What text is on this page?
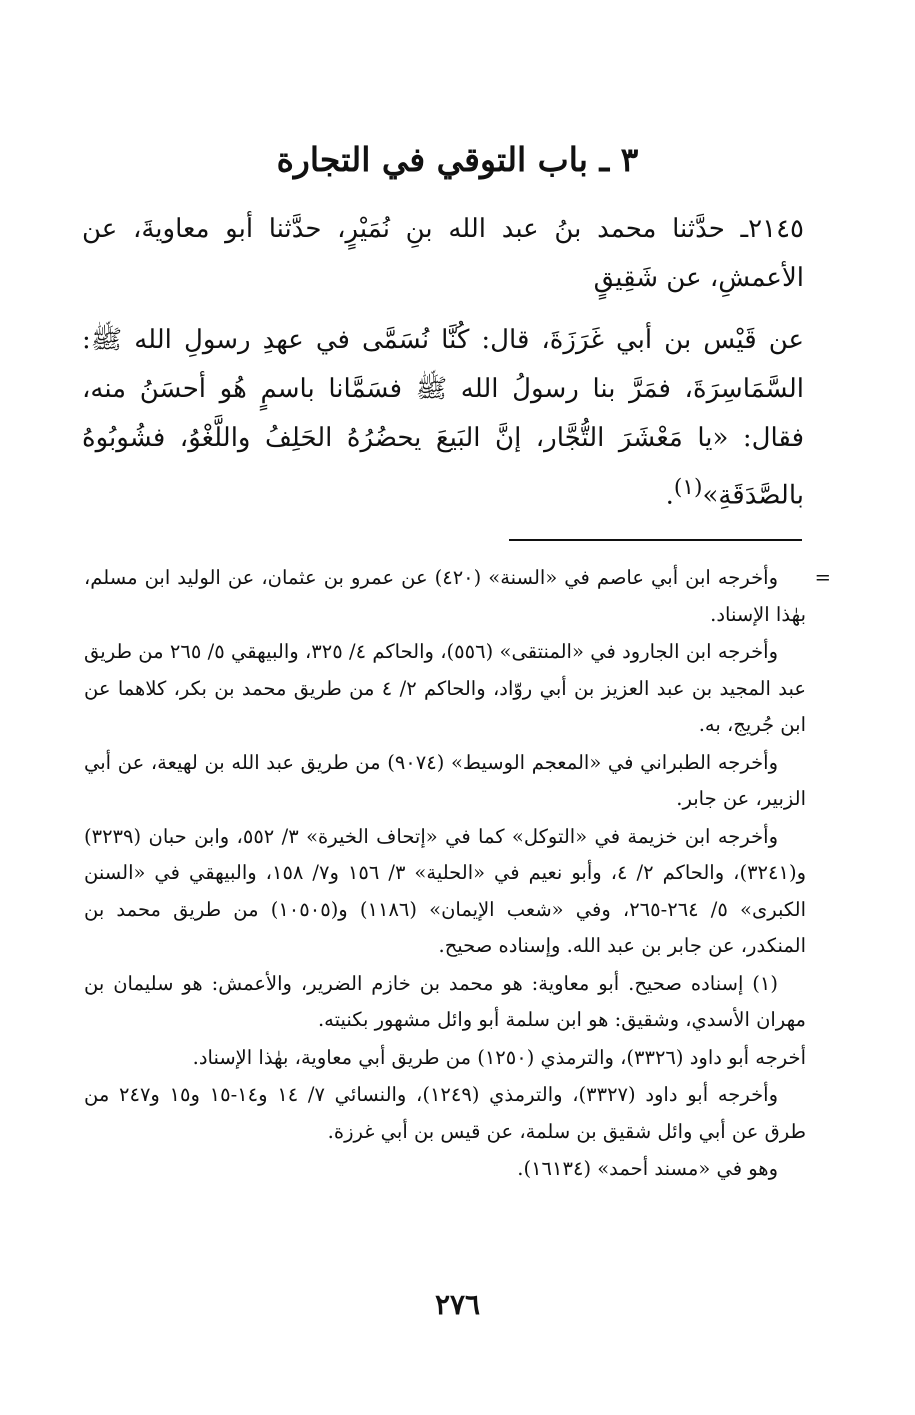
٣ ـ باب التوقي في التجارة

٢١٤٥ـ حدَّثنا محمد بنُ عبد الله بنِ نُمَيْرٍ، حدَّثنا أبو معاويةَ، عن الأعمشِ، عن شَقِيقٍ

عن قَيْس بن أبي غَرَزَةَ، قال: كُنَّا نُسَمَّى في عهدِ رسولِ الله ﷺ: السَّمَاسِرَةَ، فمَرَّ بنا رسولُ الله ﷺ فسَمَّانا باسمٍ هُو أحسَنُ منه، فقال: «يا مَعْشَرَ التُّجَّار، إنَّ البَيعَ يحضُرُهُ الحَلِفُ واللَّغْوُ، فشُوبُوهُ بالصَّدَقَةِ»$^{(١)}$.

=

وأخرجه ابن أبي عاصم في «السنة» (٤٢٠) عن عمرو بن عثمان، عن الوليد ابن مسلم، بهٰذا الإسناد.

وأخرجه ابن الجارود في «المنتقى» (٥٥٦)، والحاكم ٤/ ٣٢٥، والبيهقي ٥/ ٢٦٥ من طريق عبد المجيد بن عبد العزيز بن أبي روّاد، والحاكم ٢/ ٤ من طريق محمد بن بكر، كلاهما عن ابن جُريج، به.

وأخرجه الطبراني في «المعجم الوسيط» (٩٠٧٤) من طريق عبد الله بن لهيعة، عن أبي الزبير، عن جابر.

وأخرجه ابن خزيمة في «التوكل» كما في «إتحاف الخيرة» ٣/ ٥٥٢، وابن حبان (٣٢٣٩) و(٣٢٤١)، والحاكم ٢/ ٤، وأبو نعيم في «الحلية» ٣/ ١٥٦ و٧/ ١٥٨، والبيهقي في «السنن الكبرى» ٥/ ٢٦٤-٢٦٥، وفي «شعب الإيمان» (١١٨٦) و(١٠٥٠٥) من طريق محمد بن المنكدر، عن جابر بن عبد الله. وإسناده صحيح.

(١) إسناده صحيح. أبو معاوية: هو محمد بن خازم الضرير، والأعمش: هو سليمان بن مهران الأسدي، وشقيق: هو ابن سلمة أبو وائل مشهور بكنيته.

أخرجه أبو داود (٣٣٢٦)، والترمذي (١٢٥٠) من طريق أبي معاوية، بهٰذا الإسناد.

وأخرجه أبو داود (٣٣٢٧)، والترمذي (١٢٤٩)، والنسائي ٧/ ١٤ و١٤-١٥ و١٥ و٢٤٧ من طرق عن أبي وائل شقيق بن سلمة، عن قيس بن أبي غرزة.

وهو في «مسند أحمد» (١٦١٣٤).

٢٧٦
